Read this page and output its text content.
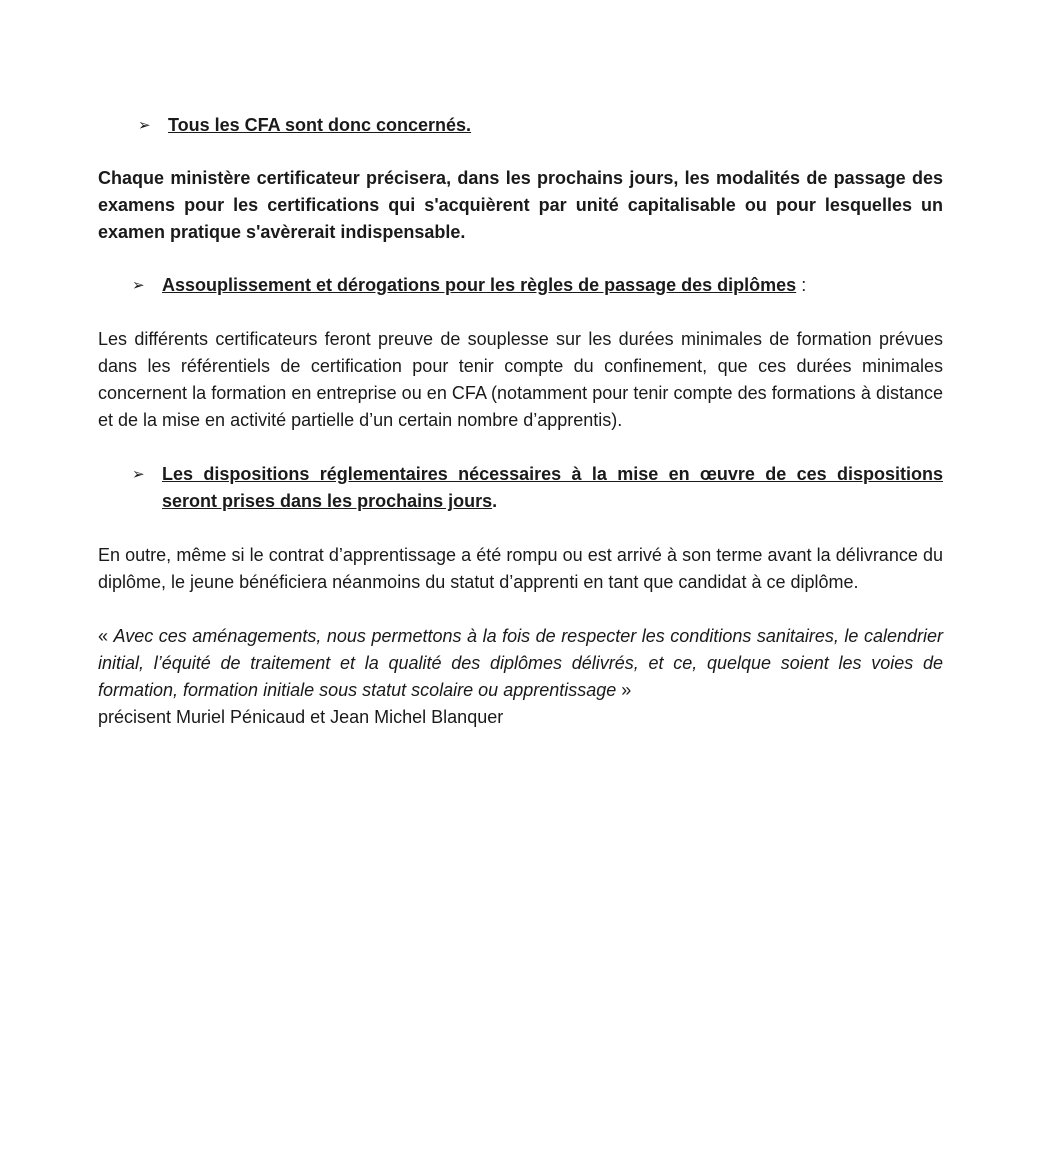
➢ Tous les CFA sont donc concernés.

Chaque ministère certificateur précisera, dans les prochains jours, les modalités de passage des examens pour les certifications qui s'acquièrent par unité capitalisable ou pour lesquelles un examen pratique s'avèrerait indispensable.

➢ Assouplissement et dérogations pour les règles de passage des diplômes :

Les différents certificateurs feront preuve de souplesse sur les durées minimales de formation prévues dans les référentiels de certification pour tenir compte du confinement, que ces durées minimales concernent la formation en entreprise ou en CFA (notamment pour tenir compte des formations à distance et de la mise en activité partielle d’un certain nombre d’apprentis).

➢ Les dispositions réglementaires nécessaires à la mise en œuvre de ces dispositions seront prises dans les prochains jours.

En outre, même si le contrat d’apprentissage a été rompu ou est arrivé à son terme avant la délivrance du diplôme, le jeune bénéficiera néanmoins du statut d’apprenti en tant que candidat à ce diplôme.

« Avec ces aménagements, nous permettons à la fois de respecter les conditions sanitaires, le calendrier initial, l’équité de traitement et la qualité des diplômes délivrés, et ce, quelque soient les voies de formation, formation initiale sous statut scolaire ou apprentissage »
précisent Muriel Pénicaud et Jean Michel Blanquer
